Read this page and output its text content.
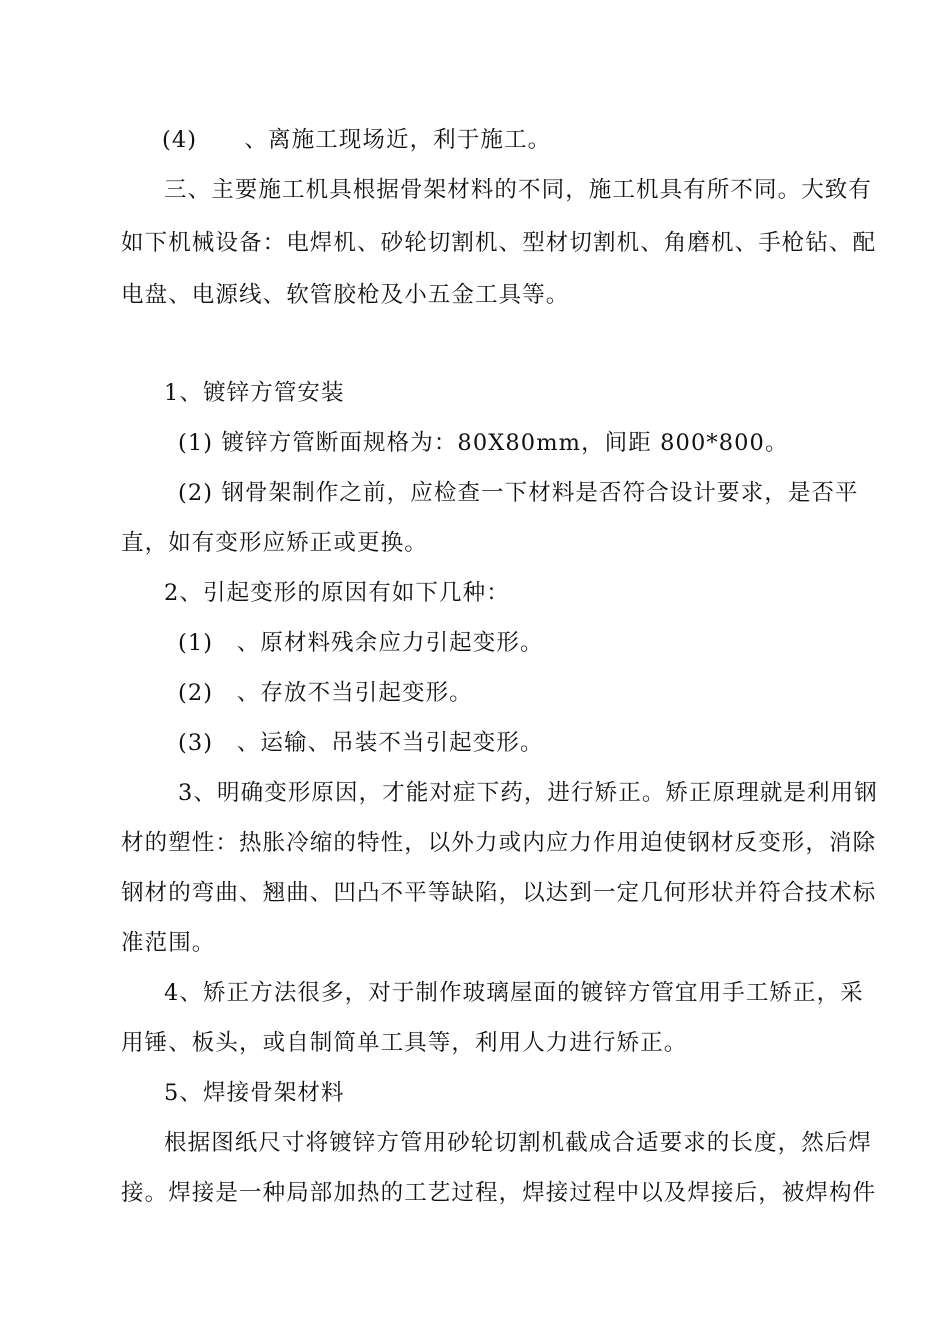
(4)　　、离施工现场近，利于施工。
三、主要施工机具根据骨架材料的不同，施工机具有所不同。大致有
如下机械设备：电焊机、砂轮切割机、型材切割机、角磨机、手枪钻、配
电盘、电源线、软管胶枪及小五金工具等。
1、镀锌方管安装
(1) 镀锌方管断面规格为：80X80mm，间距 800*800。
(2) 钢骨架制作之前，应检查一下材料是否符合设计要求，是否平
直，如有变形应矫正或更换。
2、引起变形的原因有如下几种：
(1)　、原材料残余应力引起变形。
(2)　、存放不当引起变形。
(3)　、运输、吊装不当引起变形。
3、明确变形原因，才能对症下药，进行矫正。矫正原理就是利用钢
材的塑性：热胀冷缩的特性，以外力或内应力作用迫使钢材反变形，消除
钢材的弯曲、翘曲、凹凸不平等缺陷，以达到一定几何形状并符合技术标
准范围。
4、矫正方法很多，对于制作玻璃屋面的镀锌方管宜用手工矫正，采
用锤、板头，或自制简单工具等，利用人力进行矫正。
5、焊接骨架材料
根据图纸尺寸将镀锌方管用砂轮切割机截成合适要求的长度，然后焊
接。焊接是一种局部加热的工艺过程，焊接过程中以及焊接后，被焊构件
